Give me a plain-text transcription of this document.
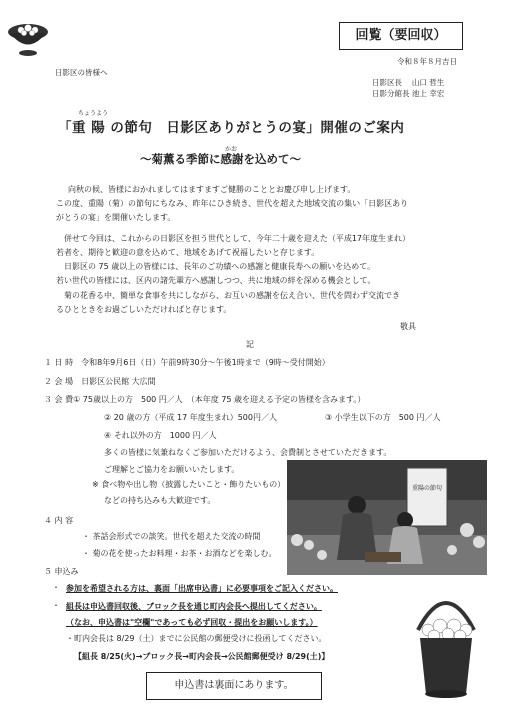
回覧（要回収）
令和８年８月吉日
日影区の皆様へ
日影区長　 山口 哲生
日影分館長 池上 幸宏
ちょうよう
「重 陽 の節句　日影区ありがとうの宴」開催のご案内
かお
～菊薫る季節に感謝を込めて～
向秋の候、皆様におかれましてはますますご健勝のこととお慶び申し上げます。
この度、重陽（菊）の節句にちなみ、昨年にひき続き、世代を超えた地域交流の集い「日影区あり
がとうの宴」を開催いたします。
併せて今回は、これからの日影区を担う世代として、今年二十歳を迎えた（平成17年度生まれ）
若者を、期待と歓迎の意を込めて、地域をあげて祝福したいと存じます。
日影区の 75 歳以上の皆様には、長年のご功績への感謝と健康長寿への願いを込めて。
若い世代の皆様には、区内の諸先輩方へ感謝しつつ、共に地域の絆を深める機会として。
菊の花香る中、簡単な食事を共にしながら、お互いの感謝を伝え合い、世代を問わず交流でき
るひとときをお過ごしいただければと存じます。
敬具
記
１ 日 時　令和8年9月6日（日）午前9時30分～午後1時まで（9時～受付開始）
２ 会 場　日影区公民館 大広間
３ 会 費① 75歳以上の方　500 円／人　（本年度 75 歳を迎える予定の皆様を含みます。）
② 20 歳の方（平成 17 年度生まれ）500円／人	③ 小学生以下の方　500 円／人
④ それ以外の方　1000 円／人
多くの皆様に気兼ねなくご参加いただけるよう、会費制とさせていただきます。
ご理解とご協力をお願いいたします。
※ 食べ物や出し物（披露したいこと・飾りたいもの）
などの持ち込みも大歓迎です。
４ 内 容
・ 茶話会形式での談笑。世代を超えた交流の時間
・ 菊の花を使ったお料理・お茶・お酒などを楽しむ。
５ 申込み
・ 参加を希望される方は、裏面「出席申込書」に必要事項をご記入ください。
・ 組長は申込書回収後、ブロック長を通じ町内会長へ提出してください。
（なお、申込書は"空欄"であっても必ず回収・提出をお願いします。）
・町内会長は 8/29（土）までに公民館の郵便受けに投函してください。
【組長 8/25(火)→ブロック長→町内会長→公民館郵便受け 8/29(土)】
重陽の節句
申込書は裏面にあります。
